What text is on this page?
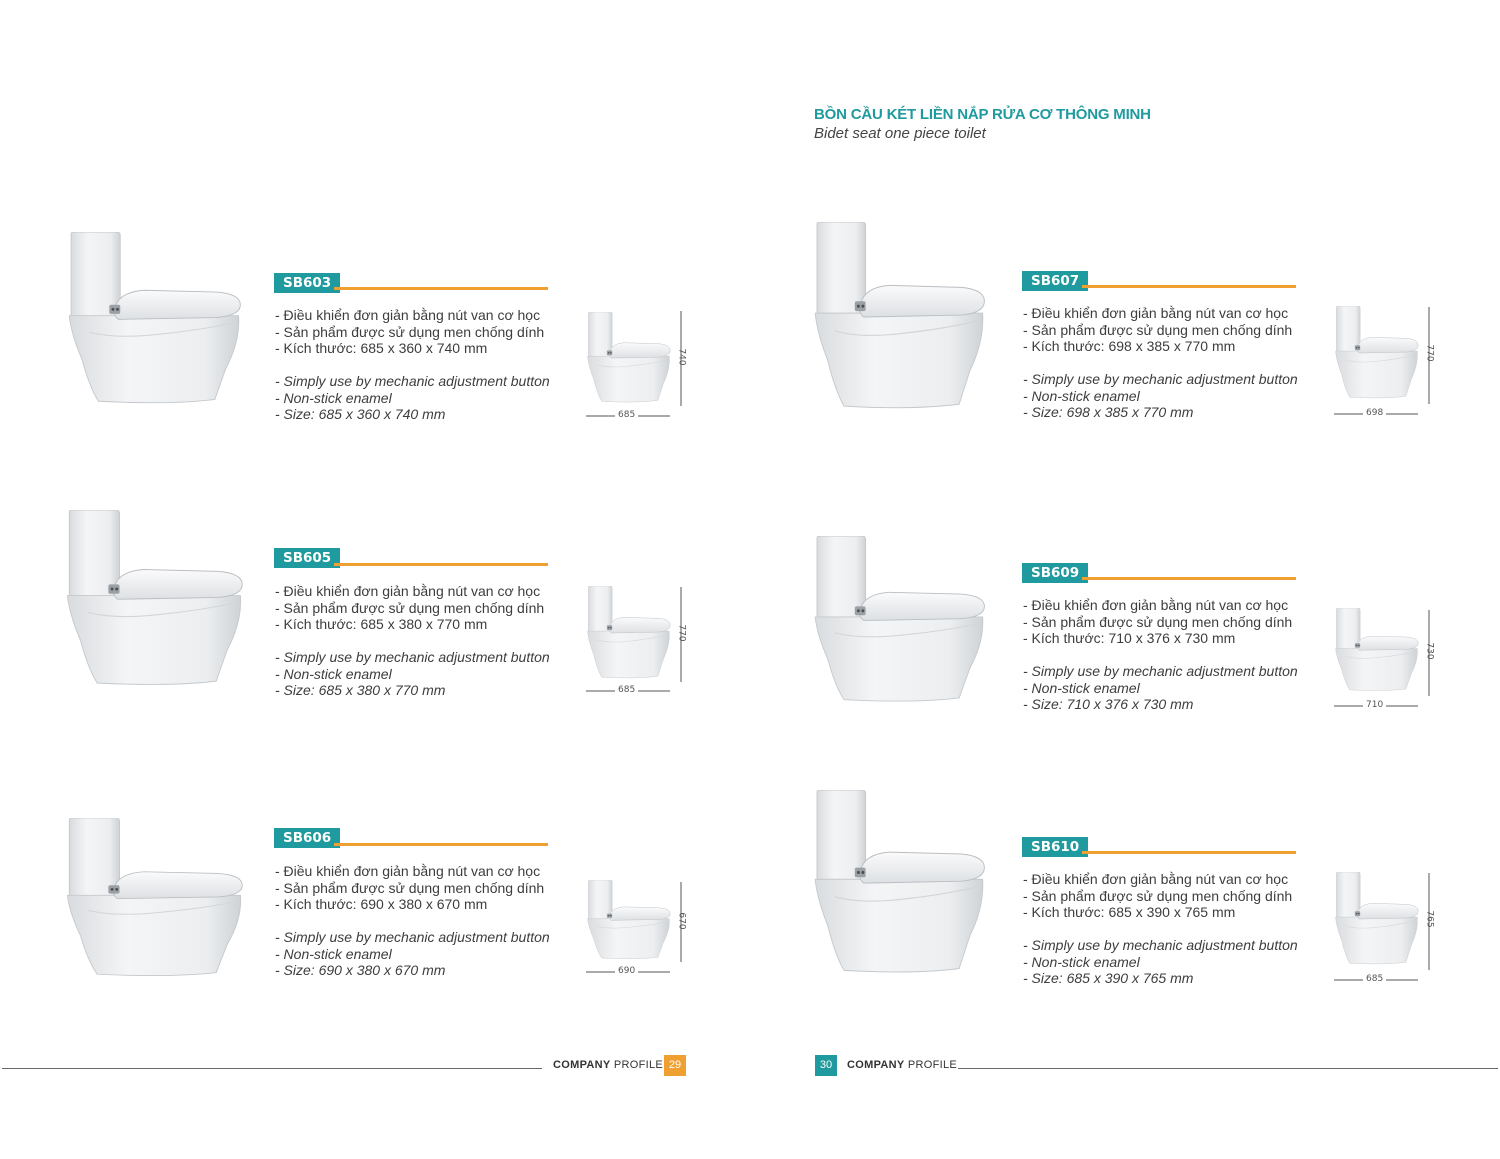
BỒN CẦU KÉT LIỀN NẮP RỬA CƠ THÔNG MINH
Bidet seat one piece toilet
SB603

- Điều khiển đơn giản bằng nút van cơ học

- Sản phẩm được sử dụng men chống dính

- Kích thước: 685 x 360 x 740 mm

- Simply use by mechanic adjustment button

- Non-stick enamel

- Size: 685 x 360 x 740 mm

740
685
SB605

- Điều khiển đơn giản bằng nút van cơ học

- Sản phẩm được sử dụng men chống dính

- Kích thước: 685 x 380 x 770 mm

- Simply use by mechanic adjustment button

- Non-stick enamel

- Size: 685 x 380 x 770 mm

770
685
SB606

- Điều khiển đơn giản bằng nút van cơ học

- Sản phẩm được sử dụng men chống dính

- Kích thước: 690 x 380 x 670 mm

- Simply use by mechanic adjustment button

- Non-stick enamel

- Size: 690 x 380 x 670 mm

670
690
SB607

- Điều khiển đơn giản bằng nút van cơ học

- Sản phẩm được sử dụng men chống dính

- Kích thước: 698 x 385 x 770 mm

- Simply use by mechanic adjustment button

- Non-stick enamel

- Size: 698 x 385 x 770 mm

770
698
SB609

- Điều khiển đơn giản bằng nút van cơ học

- Sản phẩm được sử dụng men chống dính

- Kích thước: 710 x 376 x 730 mm

- Simply use by mechanic adjustment button

- Non-stick enamel

- Size: 710 x 376 x 730 mm

730
710
SB610

- Điều khiển đơn giản bằng nút van cơ học

- Sản phẩm được sử dụng men chống dính

- Kích thước: 685 x 390 x 765 mm

- Simply use by mechanic adjustment button

- Non-stick enamel

- Size: 685 x 390 x 765 mm

765
685
COMPANY PROFILE 29	30	COMPANY PROFILE
